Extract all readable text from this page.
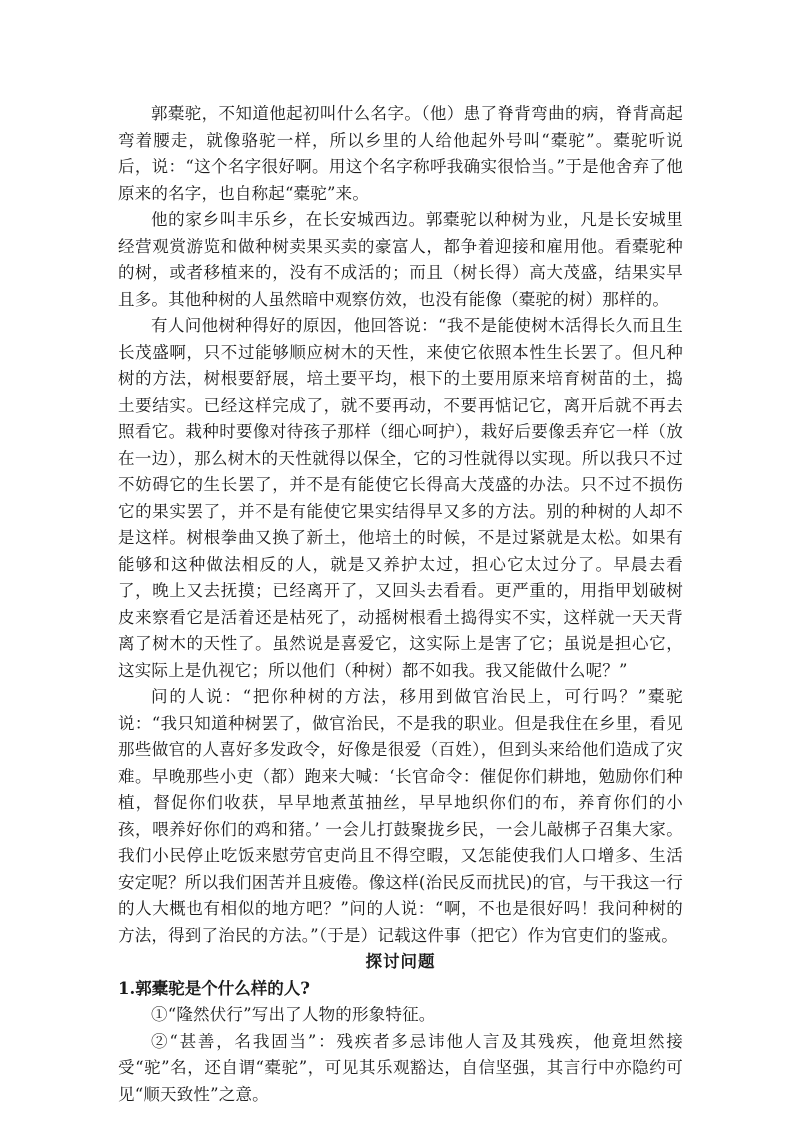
郭橐驼，不知道他起初叫什么名字。（他）患了脊背弯曲的病，脊背高起弯着腰走，就像骆驼一样，所以乡里的人给他起外号叫“橐驼”。橐驼听说后，说：“这个名字很好啊。用这个名字称呼我确实很恰当。”于是他舍弃了他原来的名字，也自称起“橐驼”来。

他的家乡叫丰乐乡，在长安城西边。郭橐驼以种树为业，凡是长安城里经营观赏游览和做种树卖果买卖的豪富人，都争着迎接和雇用他。看橐驼种的树，或者移植来的，没有不成活的；而且（树长得）高大茂盛，结果实早且多。其他种树的人虽然暗中观察仿效，也没有能像（橐驼的树）那样的。

有人问他树种得好的原因，他回答说：“我不是能使树木活得长久而且生长茂盛啊，只不过能够顺应树木的天性，来使它依照本性生长罢了。但凡种树的方法，树根要舒展，培土要平均，根下的土要用原来培育树苗的土，捣土要结实。已经这样完成了，就不要再动，不要再惦记它，离开后就不再去照看它。栽种时要像对待孩子那样（细心呵护），栽好后要像丢弃它一样（放在一边），那么树木的天性就得以保全，它的习性就得以实现。所以我只不过不妨碍它的生长罢了，并不是有能使它长得高大茂盛的办法。只不过不损伤它的果实罢了，并不是有能使它果实结得早又多的方法。别的种树的人却不是这样。树根拳曲又换了新土，他培土的时候，不是过紧就是太松。如果有能够和这种做法相反的人，就是又养护太过，担心它太过分了。早晨去看了，晚上又去抚摸；已经离开了，又回头去看看。更严重的，用指甲划破树皮来察看它是活着还是枯死了，动摇树根看土捣得实不实，这样就一天天背离了树木的天性了。虽然说是喜爱它，这实际上是害了它；虽说是担心它，这实际上是仇视它；所以他们（种树）都不如我。我又能做什么呢？”

问的人说：“把你种树的方法，移用到做官治民上，可行吗？”橐驼说：“我只知道种树罢了，做官治民，不是我的职业。但是我住在乡里，看见那些做官的人喜好多发政令，好像是很爱（百姓），但到头来给他们造成了灾难。早晚那些小吏（都）跑来大喊：‘长官命令：催促你们耕地，勉励你们种植，督促你们收获，早早地煮茧抽丝，早早地织你们的布，养育你们的小孩，喂养好你们的鸡和猪。’ 一会儿打鼓聚拢乡民，一会儿敲梆子召集大家。我们小民停止吃饭来慰劳官吏尚且不得空暇，又怎能使我们人口增多、生活安定呢？所以我们困苦并且疲倦。像这样(治民反而扰民)的官，与干我这一行的人大概也有相似的地方吧？”问的人说：“啊，不也是很好吗！我问种树的方法，得到了治民的方法。”（于是）记载这件事（把它）作为官吏们的鉴戒。

探讨问题
1.郭橐驼是个什么样的人?

①“隆然伏行”写出了人物的形象特征。

②“甚善，名我固当”：残疾者多忌讳他人言及其残疾，他竟坦然接受“驼”名，还自谓“橐驼”，可见其乐观豁达，自信坚强，其言行中亦隐约可见“顺天致性”之意。
